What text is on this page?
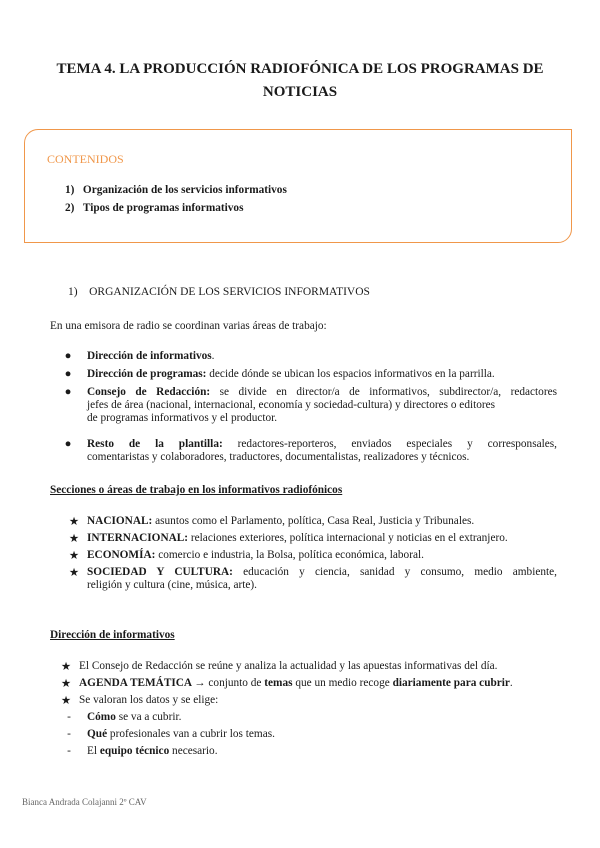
TEMA 4. LA PRODUCCIÓN RADIOFÓNICA DE LOS PROGRAMAS DE NOTICIAS
CONTENIDOS
1) Organización de los servicios informativos
2) Tipos de programas informativos
1) ORGANIZACIÓN DE LOS SERVICIOS INFORMATIVOS
En una emisora de radio se coordinan varias áreas de trabajo:
● Dirección de informativos.
● Dirección de programas: decide dónde se ubican los espacios informativos en la parrilla.
● Consejo de Redacción: se divide en director/a de informativos, subdirector/a, redactores
jefes de área (nacional, internacional, economía y sociedad-cultura) y directores o editores
de programas informativos y el productor.
● Resto de la plantilla: redactores-reporteros, enviados especiales y corresponsales,
comentaristas y colaboradores, traductores, documentalistas, realizadores y técnicos.
Secciones o áreas de trabajo en los informativos radiofónicos
★ NACIONAL: asuntos como el Parlamento, política, Casa Real, Justicia y Tribunales.
★ INTERNACIONAL: relaciones exteriores, política internacional y noticias en el extranjero.
★ ECONOMÍA: comercio e industria, la Bolsa, política económica, laboral.
★ SOCIEDAD Y CULTURA: educación y ciencia, sanidad y consumo, medio ambiente,
religión y cultura (cine, música, arte).
Dirección de informativos
★ El Consejo de Redacción se reúne y analiza la actualidad y las apuestas informativas del día.
★ AGENDA TEMÁTICA → conjunto de temas que un medio recoge diariamente para cubrir.
★ Se valoran los datos y se elige:
-	Cómo se va a cubrir.
-	Qué profesionales van a cubrir los temas.
-	El equipo técnico necesario.
Bianca Andrada Colajanni 2º CAV
